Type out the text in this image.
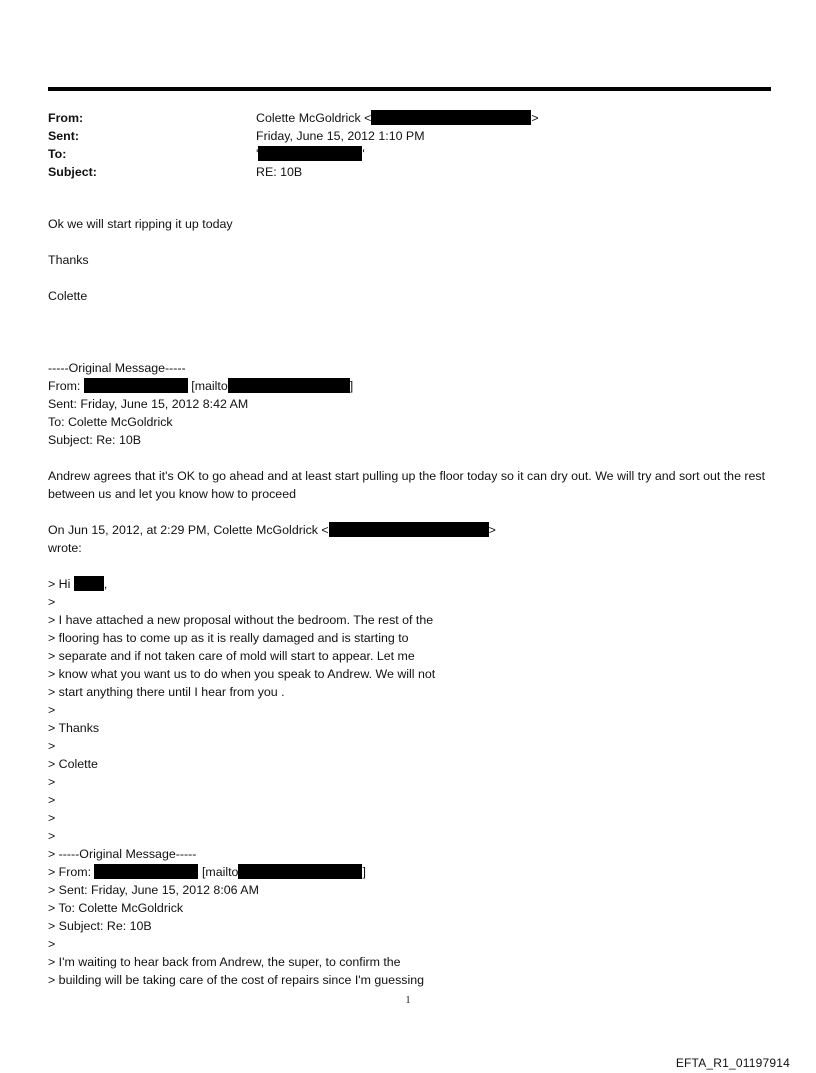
From:	Colette McGoldrick <	>
Sent:	Friday, June 15, 2012 1:10 PM
To:	'	'
Subject:	RE: 10B
Ok we will start ripping it up today
Thanks
Colette
-----Original Message-----
From:	[mailto	]
Sent: Friday, June 15, 2012 8:42 AM
To: Colette McGoldrick
Subject: Re: 10B
Andrew agrees that it's OK to go ahead and at least start pulling up the floor today so it can dry out. We will try and sort out the rest between us and let you know how to proceed
On Jun 15, 2012, at 2:29 PM, Colette McGoldrick <	>
wrote:
> Hi	,
>
> I have attached a new proposal without the bedroom. The rest of the
> flooring has to come up as it is really damaged and is starting to
> separate and if not taken care of mold will start to appear. Let me
> know what you want us to do when you speak to Andrew. We will not
> start anything there until I hear from you .
>
> Thanks
>
> Colette
>
>
>
>
> -----Original Message-----
> From:	[mailto	]
> Sent: Friday, June 15, 2012 8:06 AM
> To: Colette McGoldrick
> Subject: Re: 10B
>
> I'm waiting to hear back from Andrew, the super, to confirm the
> building will be taking care of the cost of repairs since I'm guessing
1
EFTA_R1_01197914
